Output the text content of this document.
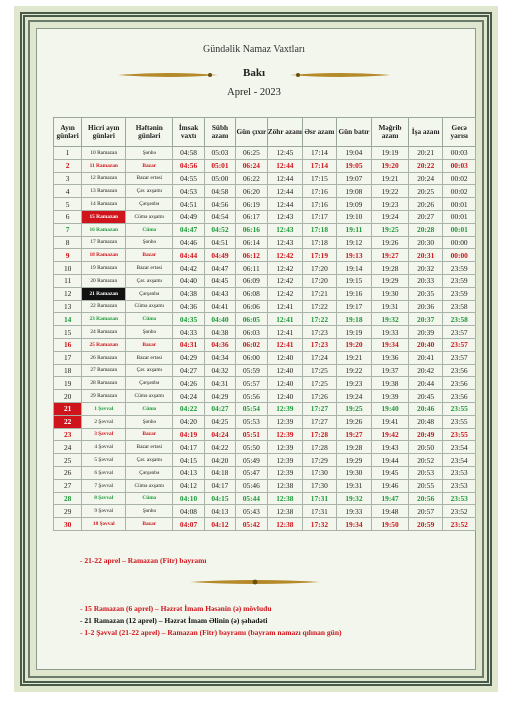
Gündəlik Namaz Vaxtları
Bakı
Aprel - 2023
Ayın günləri	Hicri ayın günləri	Həftənin günləri	İmsak vaxtı	Sübh azanı	Gün çıxır	Zöhr azanı	Əsr azanı	Gün batır	Məğrib azanı	İşa azanı	Gecə yarısı
1	10 Ramazan	Şənbə	04:58	05:03	06:25	12:45	17:14	19:04	19:19	20:21	00:03
2	11 Ramazan	Bazar	04:56	05:01	06:24	12:44	17:14	19:05	19:20	20:22	00:03
3	12 Ramazan	Bazar ertəsi	04:55	05:00	06:22	12:44	17:15	19:07	19:21	20:24	00:02
4	13 Ramazan	Çər. axşamı	04:53	04:58	06:20	12:44	17:16	19:08	19:22	20:25	00:02
5	14 Ramazan	Çərşənbə	04:51	04:56	06:19	12:44	17:16	19:09	19:23	20:26	00:01
6	15 Ramazan	Cümə axşamı	04:49	04:54	06:17	12:43	17:17	19:10	19:24	20:27	00:01
7	16 Ramazan	Cümə	04:47	04:52	06:16	12:43	17:18	19:11	19:25	20:28	00:01
8	17 Ramazan	Şənbə	04:46	04:51	06:14	12:43	17:18	19:12	19:26	20:30	00:00
9	18 Ramazan	Bazar	04:44	04:49	06:12	12:42	17:19	19:13	19:27	20:31	00:00
10	19 Ramazan	Bazar ertəsi	04:42	04:47	06:11	12:42	17:20	19:14	19:28	20:32	23:59
11	20 Ramazan	Çər. axşamı	04:40	04:45	06:09	12:42	17:20	19:15	19:29	20:33	23:59
12	21 Ramazan	Çərşənbə	04:38	04:43	06:08	12:42	17:21	19:16	19:30	20:35	23:59
13	22 Ramazan	Cümə axşamı	04:36	04:41	06:06	12:41	17:22	19:17	19:31	20:36	23:58
14	23 Ramazan	Cümə	04:35	04:40	06:05	12:41	17:22	19:18	19:32	20:37	23:58
15	24 Ramazan	Şənbə	04:33	04:38	06:03	12:41	17:23	19:19	19:33	20:39	23:57
16	25 Ramazan	Bazar	04:31	04:36	06:02	12:41	17:23	19:20	19:34	20:40	23:57
17	26 Ramazan	Bazar ertəsi	04:29	04:34	06:00	12:40	17:24	19:21	19:36	20:41	23:57
18	27 Ramazan	Çər. axşamı	04:27	04:32	05:59	12:40	17:25	19:22	19:37	20:42	23:56
19	28 Ramazan	Çərşənbə	04:26	04:31	05:57	12:40	17:25	19:23	19:38	20:44	23:56
20	29 Ramazan	Cümə axşamı	04:24	04:29	05:56	12:40	17:26	19:24	19:39	20:45	23:56
21	1 Şəvval	Cümə	04:22	04:27	05:54	12:39	17:27	19:25	19:40	20:46	23:55
22	2 Şəvval	Şənbə	04:20	04:25	05:53	12:39	17:27	19:26	19:41	20:48	23:55
23	3 Şəvval	Bazar	04:19	04:24	05:51	12:39	17:28	19:27	19:42	20:49	23:55
24	4 Şəvval	Bazar ertəsi	04:17	04:22	05:50	12:39	17:28	19:28	19:43	20:50	23:54
25	5 Şəvval	Çər. axşamı	04:15	04:20	05:49	12:39	17:29	19:29	19:44	20:52	23:54
26	6 Şəvval	Çərşənbə	04:13	04:18	05:47	12:39	17:30	19:30	19:45	20:53	23:53
27	7 Şəvval	Cümə axşamı	04:12	04:17	05:46	12:38	17:30	19:31	19:46	20:55	23:53
28	8 Şəvval	Cümə	04:10	04:15	05:44	12:38	17:31	19:32	19:47	20:56	23:53
29	9 Şəvval	Şənbə	04:08	04:13	05:43	12:38	17:31	19:33	19:48	20:57	23:52
30	10 Şəvval	Bazar	04:07	04:12	05:42	12:38	17:32	19:34	19:50	20:59	23:52
- 21-22 aprel – Ramazan (Fitr) bayramı
- 15 Ramazan (6 aprel) – Həzrət İmam Həsənin (ə) mövludu
- 21 Ramazan (12 aprel) – Həzrət İmam Əlinin (ə) şəhadəti
- 1-2 Şəvval (21-22 aprel) – Ramazan (Fitr) bayramı (bayram namazı qılınan gün)
